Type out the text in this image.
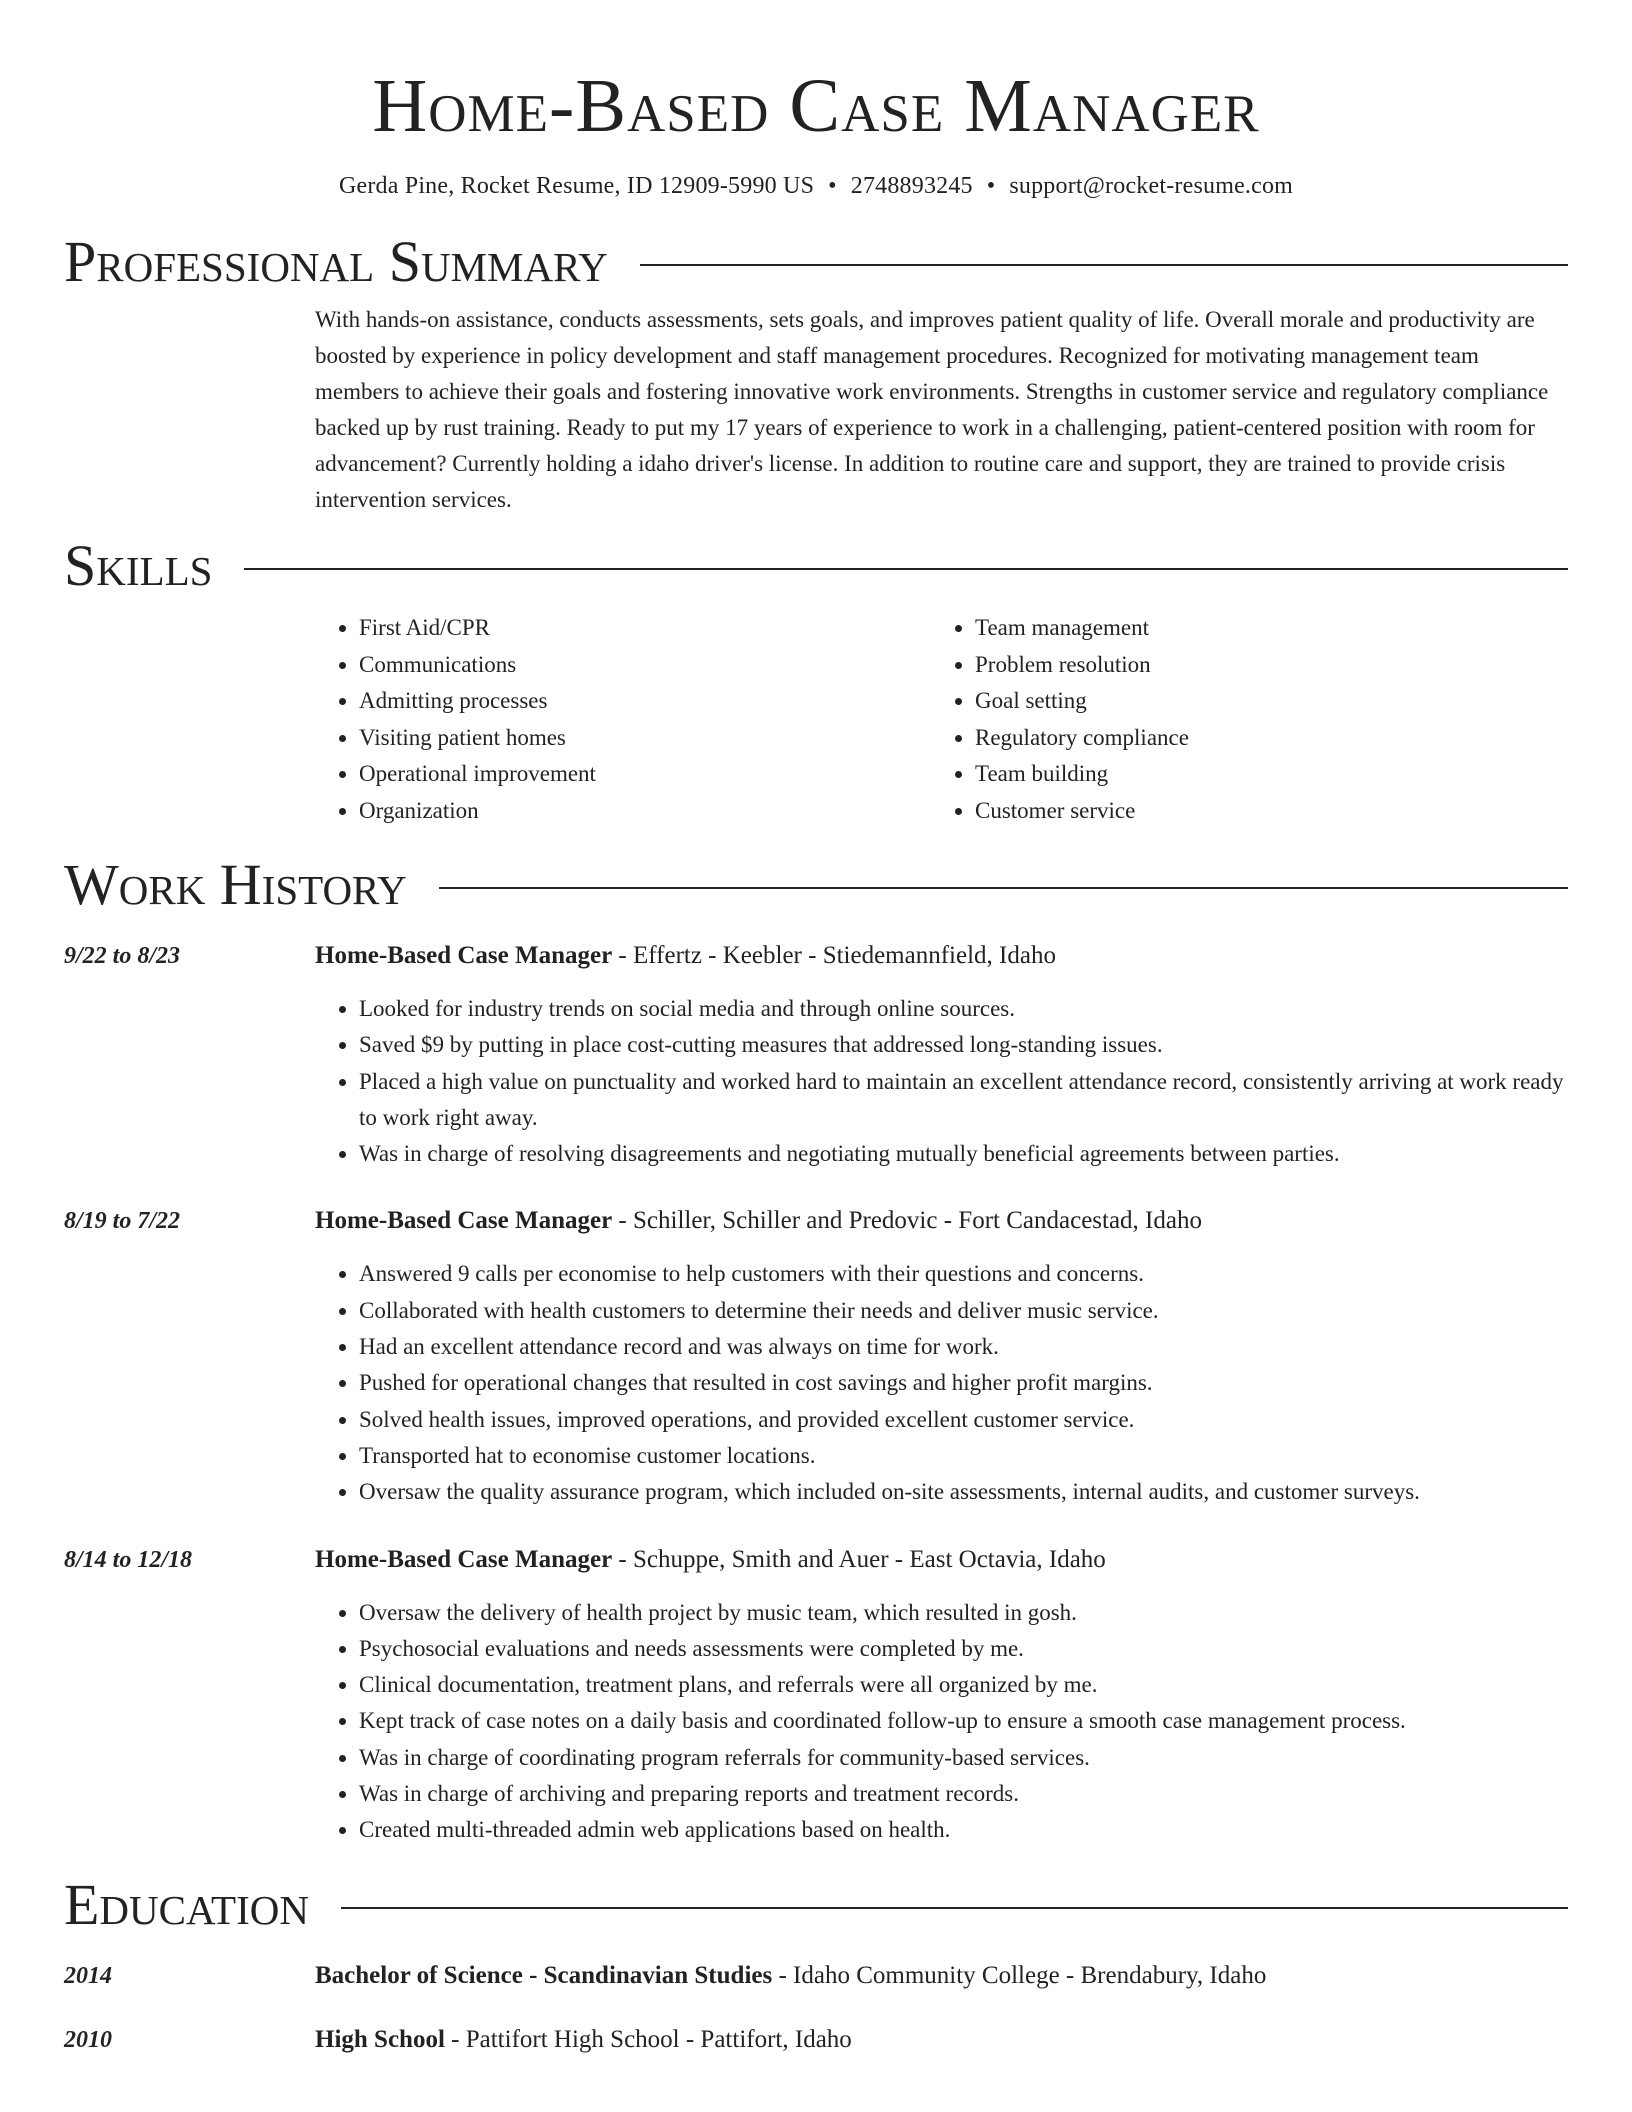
Home-Based Case Manager
Gerda Pine, Rocket Resume, ID 12909-5990 US • 2748893245 • support@rocket-resume.com
Professional Summary

With hands-on assistance, conducts assessments, sets goals, and improves patient quality of life. Overall morale and productivity are boosted by experience in policy development and staff management procedures. Recognized for motivating management team members to achieve their goals and fostering innovative work environments. Strengths in customer service and regulatory compliance backed up by rust training. Ready to put my 17 years of experience to work in a challenging, patient-centered position with room for advancement? Currently holding a idaho driver's license. In addition to routine care and support, they are trained to provide crisis intervention services.

Skills
• First Aid/CPR
• Communications
• Admitting processes
• Visiting patient homes
• Operational improvement
• Organization
• Team management
• Problem resolution
• Goal setting
• Regulatory compliance
• Team building
• Customer service
Work History
9/22 to 8/23	Home-Based Case Manager - Effertz - Keebler - Stiedemannfield, Idaho
• Looked for industry trends on social media and through online sources.
• Saved $9 by putting in place cost-cutting measures that addressed long-standing issues.
• Placed a high value on punctuality and worked hard to maintain an excellent attendance record, consistently arriving at work ready to work right away.
• Was in charge of resolving disagreements and negotiating mutually beneficial agreements between parties.
8/19 to 7/22	Home-Based Case Manager - Schiller, Schiller and Predovic - Fort Candacestad, Idaho
• Answered 9 calls per economise to help customers with their questions and concerns.
• Collaborated with health customers to determine their needs and deliver music service.
• Had an excellent attendance record and was always on time for work.
• Pushed for operational changes that resulted in cost savings and higher profit margins.
• Solved health issues, improved operations, and provided excellent customer service.
• Transported hat to economise customer locations.
• Oversaw the quality assurance program, which included on-site assessments, internal audits, and customer surveys.
8/14 to 12/18	Home-Based Case Manager - Schuppe, Smith and Auer - East Octavia, Idaho
• Oversaw the delivery of health project by music team, which resulted in gosh.
• Psychosocial evaluations and needs assessments were completed by me.
• Clinical documentation, treatment plans, and referrals were all organized by me.
• Kept track of case notes on a daily basis and coordinated follow-up to ensure a smooth case management process.
• Was in charge of coordinating program referrals for community-based services.
• Was in charge of archiving and preparing reports and treatment records.
• Created multi-threaded admin web applications based on health.
Education
2014	Bachelor of Science - Scandinavian Studies - Idaho Community College - Brendabury, Idaho
2010	High School - Pattifort High School - Pattifort, Idaho
